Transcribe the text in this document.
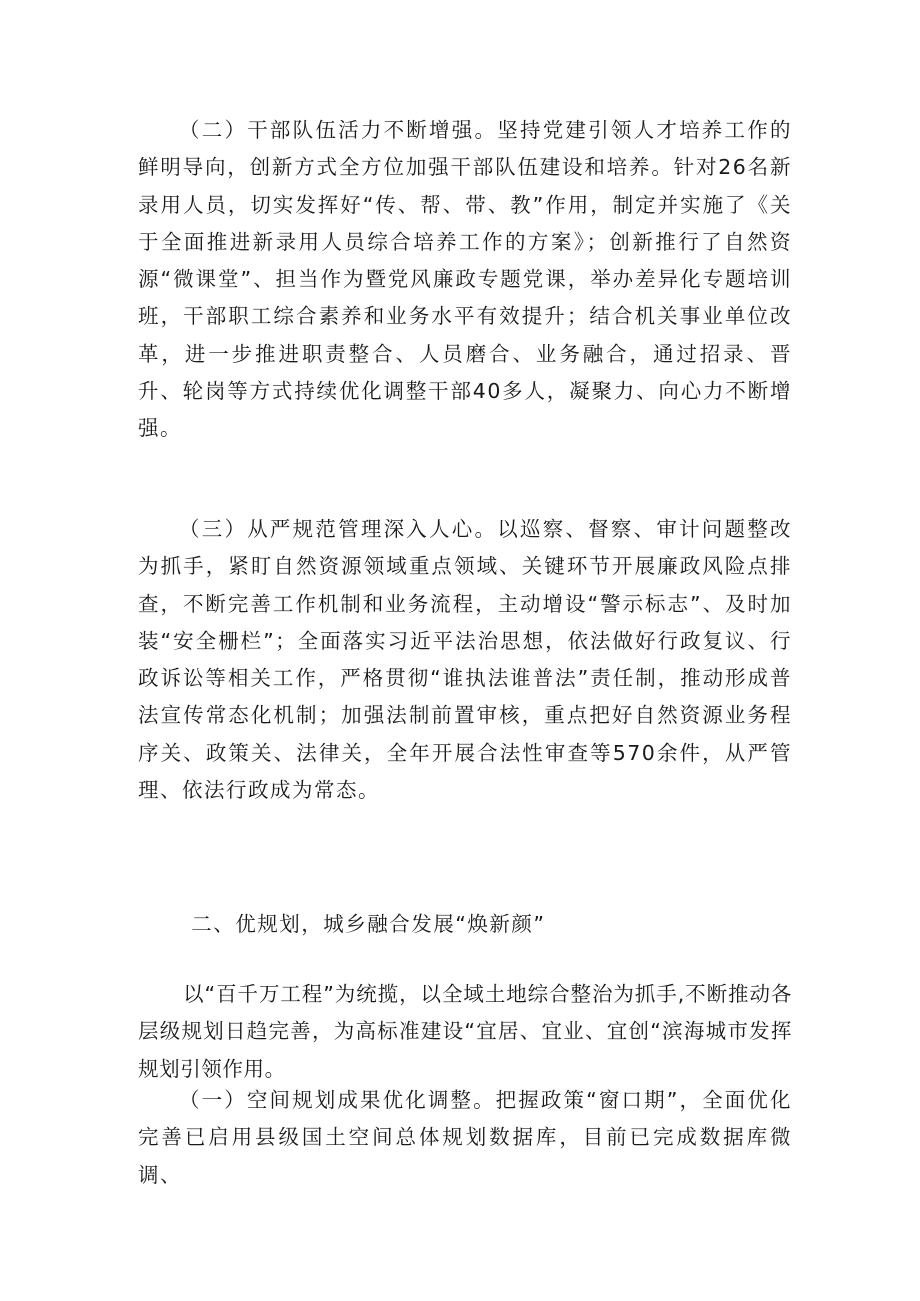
（二）干部队伍活力不断增强。坚持党建引领人才培养工作的鲜明导向，创新方式全方位加强干部队伍建设和培养。针对26名新录用人员，切实发挥好“传、帮、带、教”作用，制定并实施了《关于全面推进新录用人员综合培养工作的方案》；创新推行了自然资源“微课堂”、担当作为暨党风廉政专题党课，举办差异化专题培训班，干部职工综合素养和业务水平有效提升；结合机关事业单位改革，进一步推进职责整合、人员磨合、业务融合，通过招录、晋升、轮岗等方式持续优化调整干部40多人，凝聚力、向心力不断增强。

（三）从严规范管理深入人心。以巡察、督察、审计问题整改为抓手，紧盯自然资源领域重点领域、关键环节开展廉政风险点排查，不断完善工作机制和业务流程，主动增设“警示标志”、及时加装“安全栅栏”；全面落实习近平法治思想，依法做好行政复议、行政诉讼等相关工作，严格贯彻“谁执法谁普法”责任制，推动形成普法宣传常态化机制；加强法制前置审核，重点把好自然资源业务程序关、政策关、法律关，全年开展合法性审查等570余件，从严管理、依法行政成为常态。

二、优规划，城乡融合发展“焕新颜”

以“百千万工程”为统揽，以全域土地综合整治为抓手,不断推动各层级规划日趋完善，为高标准建设“宜居、宜业、宜创“滨海城市发挥规划引领作用。

（一）空间规划成果优化调整。把握政策“窗口期”，全面优化完善已启用县级国土空间总体规划数据库，目前已完成数据库微调、
